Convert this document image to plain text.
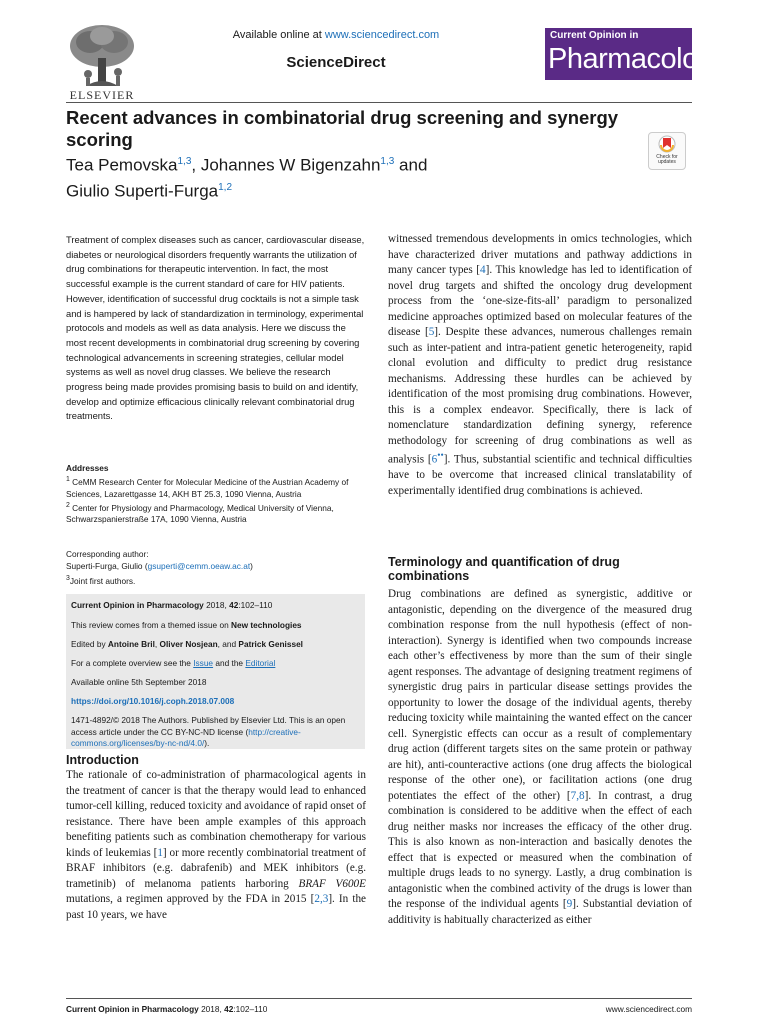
ELSEVIER
Available online at www.sciencedirect.com
ScienceDirect
Current Opinion in
Pharmacology
Recent advances in combinatorial drug screening and synergy scoring
Tea Pemovska$^{1,3}$, Johannes W Bigenzahn$^{1,3}$ and
Giulio Superti-Furga$^{1,2}$
Check for updates

Treatment of complex diseases such as cancer, cardiovascular disease, diabetes or neurological disorders frequently warrants the utilization of drug combinations for therapeutic intervention. In fact, the most successful example is the current standard of care for HIV patients. However, identification of successful drug cocktails is not a simple task and is hampered by lack of standardization in terminology, experimental protocols and models as well as data analysis. Here we discuss the most recent developments in combinatorial drug screening by covering technological advancements in screening strategies, cellular model systems as well as novel drug classes. We believe the research progress being made provides promising basis to build on and identify, develop and optimize efficacious clinically relevant combinatorial drug treatments.

Addresses
$^1$ CeMM Research Center for Molecular Medicine of the Austrian Academy of Sciences, Lazarettgasse 14, AKH BT 25.3, 1090 Vienna, Austria
$^2$ Center for Physiology and Pharmacology, Medical University of Vienna, Schwarzspanierstraße 17A, 1090 Vienna, Austria
Corresponding author:
Superti-Furga, Giulio (gsuperti@cemm.oeaw.ac.at)
$^3$Joint first authors.

Current Opinion in Pharmacology 2018, 42:102–110

This review comes from a themed issue on New technologies

Edited by Antoine Bril, Oliver Nosjean, and Patrick Genissel

For a complete overview see the Issue and the Editorial

Available online 5th September 2018

https://doi.org/10.1016/j.coph.2018.07.008

1471-4892/© 2018 The Authors. Published by Elsevier Ltd. This is an open access article under the CC BY-NC-ND license (http://creative-commons.org/licenses/by-nc-nd/4.0/).

Introduction

The rationale of co-administration of pharmacological agents in the treatment of cancer is that the therapy would lead to enhanced tumor-cell killing, reduced toxicity and avoidance of rapid onset of resistance. There have been ample examples of this approach benefiting patients such as combination chemotherapy for various kinds of leukemias [1] or more recently combinatorial treatment of BRAF inhibitors (e.g. dabrafenib) and MEK inhibitors (e.g. trametinib) of melanoma patients harboring BRAF V600E mutations, a regimen approved by the FDA in 2015 [2,3]. In the past 10 years, we have

witnessed tremendous developments in omics technologies, which have characterized driver mutations and pathway addictions in many cancer types [4]. This knowledge has led to identification of novel drug targets and shifted the oncology drug development process from the ‘one-size-fits-all’ paradigm to personalized medicine approaches optimized based on molecular features of the disease [5]. Despite these advances, numerous challenges remain such as inter-patient and intra-patient genetic heterogeneity, rapid clonal evolution and difficulty to predict drug resistance mechanisms. Addressing these hurdles can be achieved by identification of the most promising drug combinations. However, this is a complex endeavor. Specifically, there is lack of nomenclature standardization defining synergy, reference methodology for screening of drug combinations as well as analysis [6••]. Thus, substantial scientific and technical difficulties have to be overcome that increased clinical translatability of experimentally identified drug combinations is achieved.

Terminology and quantification of drug combinations

Drug combinations are defined as synergistic, additive or antagonistic, depending on the divergence of the measured drug combination response from the null hypothesis (effect of non-interaction). Synergy is identified when two compounds increase each other’s effectiveness by more than the sum of their single agent responses. The advantage of designing treatment regimens of synergistic drug pairs in particular disease settings provides the opportunity to lower the dosage of the individual agents, thereby reducing toxicity while maintaining the wanted effect on the cancer cell. Synergistic effects can occur as a result of complementary drug action (different targets sites on the same protein or pathway are hit), anti-counteractive actions (one drug affects the biological response of the other one), or facilitation actions (one drug potentiates the effect of the other) [7,8]. In contrast, a drug combination is considered to be additive when the effect of each drug neither masks nor increases the efficacy of the other drug. This is also known as non-interaction and basically denotes the effect that is expected or measured when the combination of multiple drugs leads to no synergy. Lastly, a drug combination is antagonistic when the combined activity of the drugs is lower than the response of the individual agents [9]. Substantial deviation of additivity is habitually characterized as either

Current Opinion in Pharmacology 2018, 42:102–110	www.sciencedirect.com
